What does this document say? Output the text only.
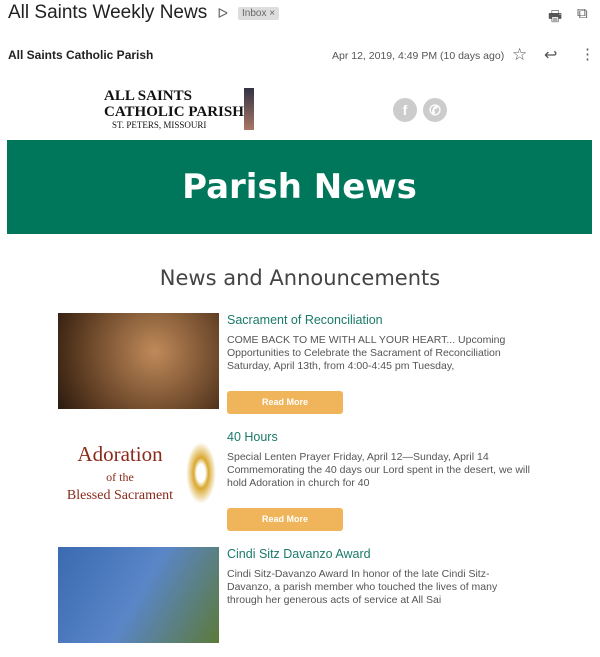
All Saints Weekly News ᐅ	Inbox ×	🖶 ⧉
All Saints Catholic Parish	Apr 12, 2019, 4:49 PM (10 days ago) ☆ ↩ ⋮
ALL SAINTS
CATHOLIC PARISH
ST. PETERS, MISSOURI
f	✆
Parish News
News and Announcements
Sacrament of Reconciliation
COME BACK TO ME WITH ALL YOUR HEART... Upcoming Opportunities to Celebrate the Sacrament of Reconciliation Saturday, April 13th, from 4:00-4:45 pm Tuesday,
Read More
Adoration
of the
Blessed Sacrament
40 Hours
Special Lenten Prayer Friday, April 12—Sunday, April 14 Commemorating the 40 days our Lord spent in the desert, we will hold Adoration in church for 40
Read More
Cindi Sitz Davanzo Award
Cindi Sitz-Davanzo Award In honor of the late Cindi Sitz-Davanzo, a parish member who touched the lives of many through her generous acts of service at All Sai
